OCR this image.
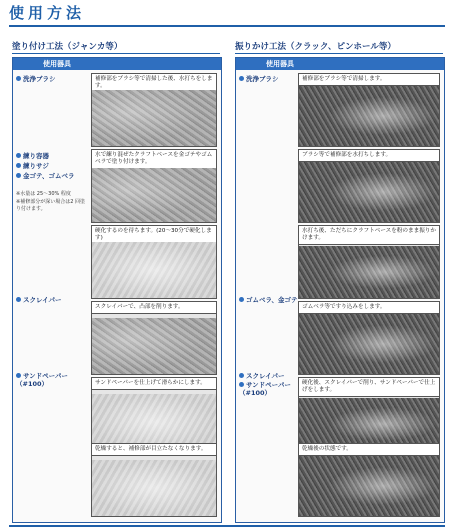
使用方法
塗り付け工法（ジャンカ等）
使用器具
洗浄ブラシ
練り容器
練りサジ
金ゴテ、ゴムベラ
※水量は 25〜30% 程度
※補修部分が深い場合は2 回塗り付けます。
スクレイパー
サンドペーパー（#100）
補修部をブラシ等で清掃した後、水打ちをします。
水で練り混ぜたクラフトベースを金ゴテやゴムベラで塗り付けます。
硬化するのを待ちます。(20〜30分で硬化します)
スクレイパーで、凸部を削ります。
サンドペーパーを仕上げて滑らかにします。
乾燥すると、補修部が目立たなくなります。
振りかけ工法（クラック、ピンホール等）
使用器具
洗浄ブラシ
ゴムベラ、金ゴテ
スクレイパー
サンドペーパー（#100）
補修部をブラシ等で清掃します。
ブラシ等で補修部を水打ちします。
水打ち後、ただちにクラフトベースを粉のまま振りかけます。
ゴムベラ等ですり込みをします。
硬化後、スクレイパーで削り、サンドペーパーで仕上げをします。
乾燥後の状態です。
